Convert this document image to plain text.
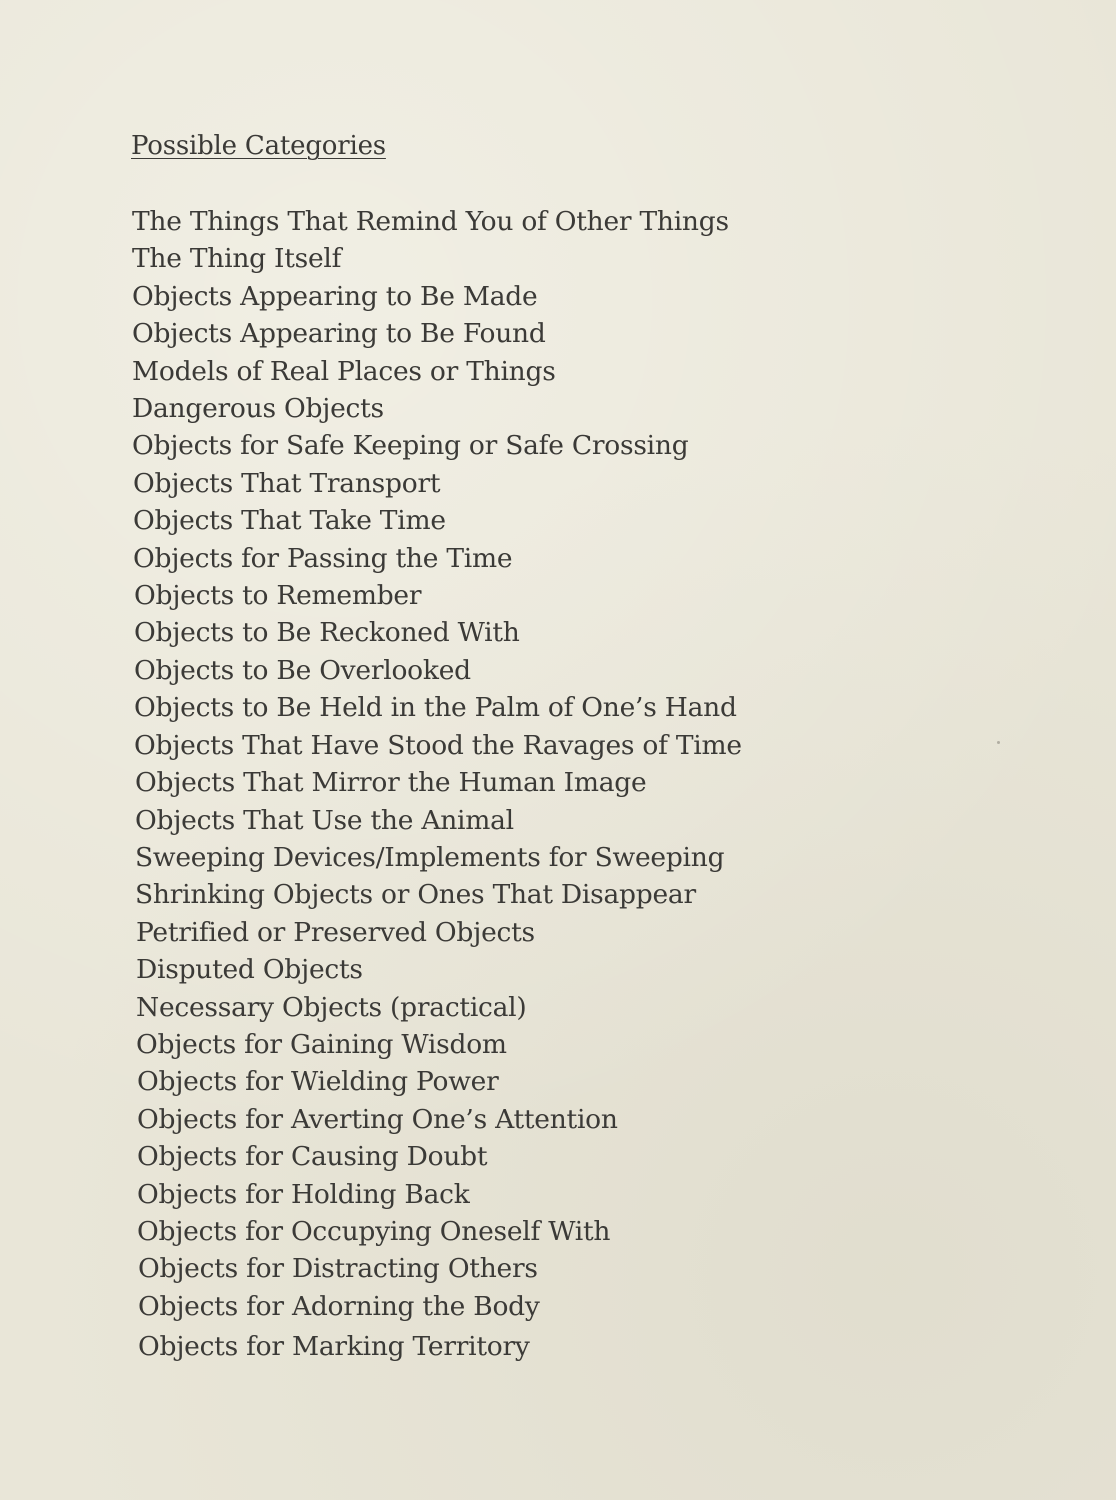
Possible Categories
The Things That Remind You of Other Things
The Thing Itself
Objects Appearing to Be Made
Objects Appearing to Be Found
Models of Real Places or Things
Dangerous Objects
Objects for Safe Keeping or Safe Crossing
Objects That Transport
Objects That Take Time
Objects for Passing the Time
Objects to Remember
Objects to Be Reckoned With
Objects to Be Overlooked
Objects to Be Held in the Palm of One’s Hand
Objects That Have Stood the Ravages of Time
Objects That Mirror the Human Image
Objects That Use the Animal
Sweeping Devices/Implements for Sweeping
Shrinking Objects or Ones That Disappear
Petrified or Preserved Objects
Disputed Objects
Necessary Objects (practical)
Objects for Gaining Wisdom
Objects for Wielding Power
Objects for Averting One’s Attention
Objects for Causing Doubt
Objects for Holding Back
Objects for Occupying Oneself With
Objects for Distracting Others
Objects for Adorning the Body
Objects for Marking Territory
